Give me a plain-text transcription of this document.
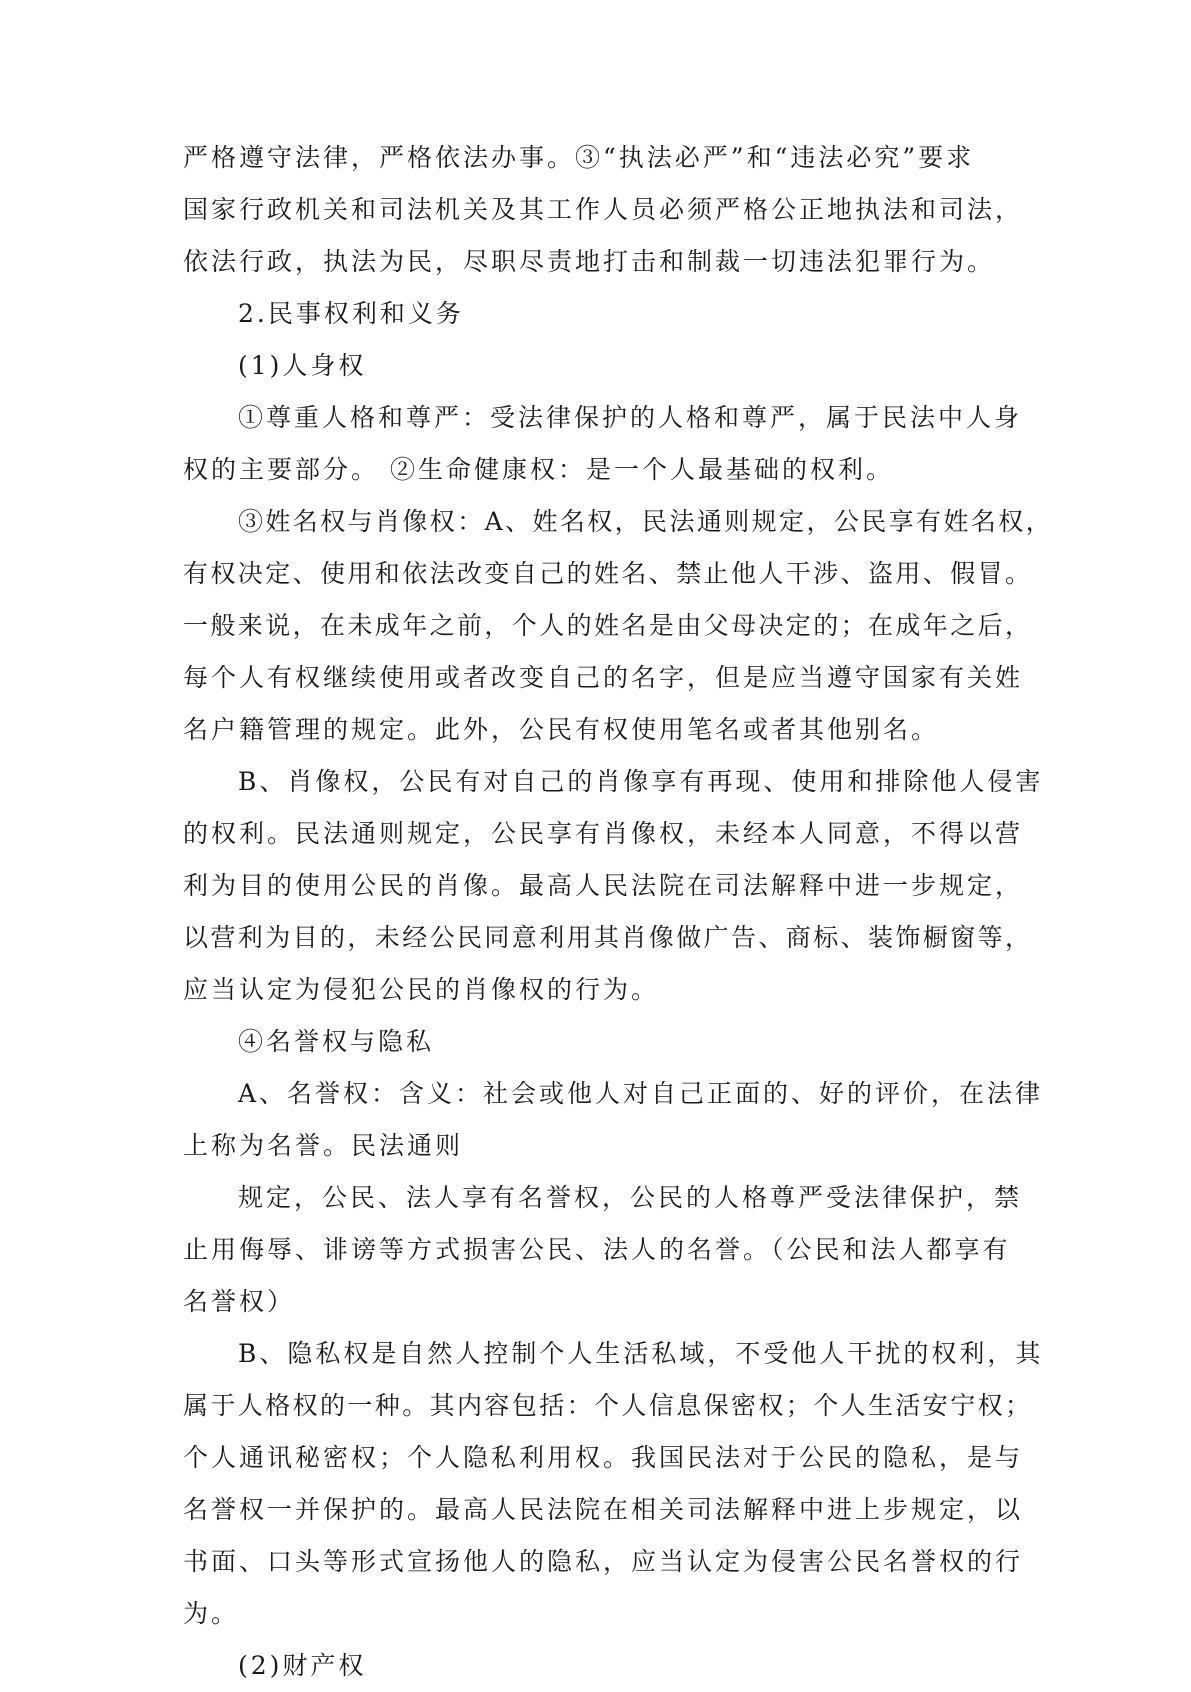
严格遵守法律，严格依法办事。③“执法必严”和“违法必究”要求
国家行政机关和司法机关及其工作人员必须严格公正地执法和司法，
依法行政，执法为民，尽职尽责地打击和制裁一切违法犯罪行为。
2.民事权利和义务
(1)人身权
①尊重人格和尊严：受法律保护的人格和尊严，属于民法中人身
权的主要部分。 ②生命健康权：是一个人最基础的权利。
③姓名权与肖像权：A、姓名权，民法通则规定，公民享有姓名权，
有权决定、使用和依法改变自己的姓名、禁止他人干涉、盗用、假冒。
一般来说，在未成年之前，个人的姓名是由父母决定的；在成年之后，
每个人有权继续使用或者改变自己的名字，但是应当遵守国家有关姓
名户籍管理的规定。此外，公民有权使用笔名或者其他别名。
B、肖像权，公民有对自己的肖像享有再现、使用和排除他人侵害
的权利。民法通则规定，公民享有肖像权，未经本人同意，不得以营
利为目的使用公民的肖像。最高人民法院在司法解释中进一步规定，
以营利为目的，未经公民同意利用其肖像做广告、商标、装饰橱窗等，
应当认定为侵犯公民的肖像权的行为。
④名誉权与隐私
A、名誉权：含义：社会或他人对自己正面的、好的评价，在法律
上称为名誉。民法通则
规定，公民、法人享有名誉权，公民的人格尊严受法律保护，禁
止用侮辱、诽谤等方式损害公民、法人的名誉。（公民和法人都享有
名誉权）
B、隐私权是自然人控制个人生活私域，不受他人干扰的权利，其
属于人格权的一种。其内容包括：个人信息保密权；个人生活安宁权；
个人通讯秘密权；个人隐私利用权。我国民法对于公民的隐私，是与
名誉权一并保护的。最高人民法院在相关司法解释中进上步规定，以
书面、口头等形式宣扬他人的隐私，应当认定为侵害公民名誉权的行
为。
(2)财产权
